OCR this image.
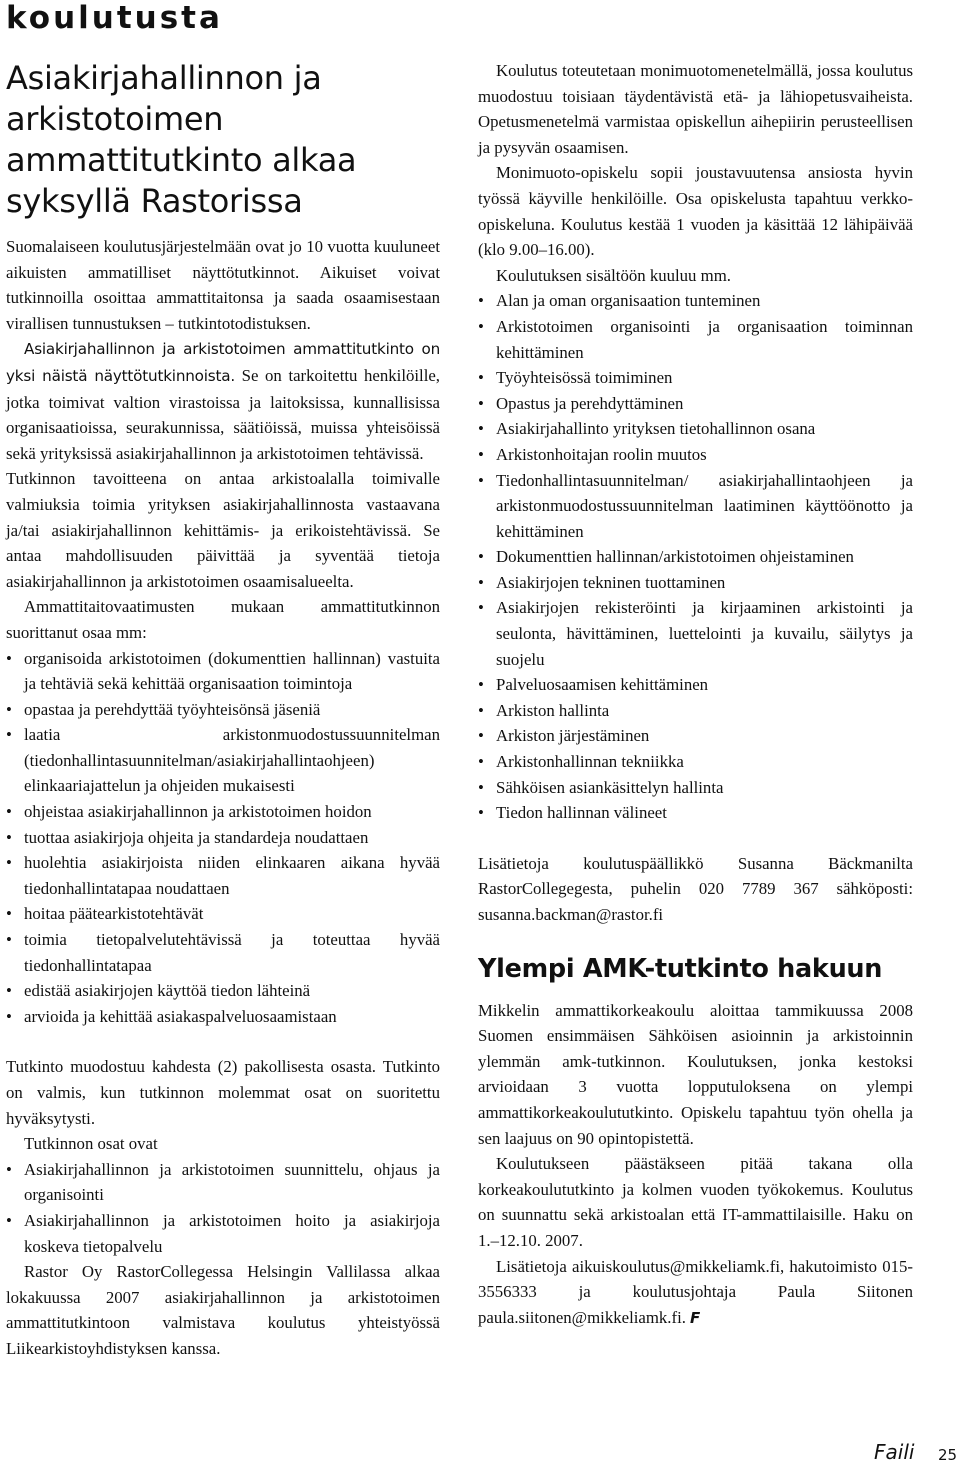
koulutusta
Asiakirjahallinnon ja arkistotoimen ammattitutkinto alkaa syksyllä Rastorissa

Suomalaiseen koulutusjärjestelmään ovat jo 10 vuotta kuuluneet aikuisten ammatilliset näyttötutkinnot. Aikuiset voivat tutkinnoilla osoittaa ammattitaitonsa ja saada osaamisestaan virallisen tunnustuksen – tutkintotodistuksen.

Asiakirjahallinnon ja arkistotoimen ammattitutkinto on yksi näistä näyttötutkinnoista. Se on tarkoitettu henkilöille, jotka toimivat valtion virastoissa ja laitoksissa, kunnallisissa organisaatioissa, seurakunnissa, säätiöissä, muissa yhteisöissä sekä yrityksissä asiakirjahallinnon ja arkistotoimen tehtävissä.

Tutkinnon tavoitteena on antaa arkistoalalla toimivalle valmiuksia toimia yrityksen asiakirjahallinnosta vastaavana ja/tai asiakirjahallinnon kehittämis- ja erikoistehtävissä. Se antaa mahdollisuuden päivittää ja syventää tietoja asiakirjahallinnon ja arkistotoimen osaamisalueelta.

Ammattitaitovaatimusten mukaan ammattitutkinnon suorittanut osaa mm:

• organisoida arkistotoimen (dokumenttien hallinnan) vastuita ja tehtäviä sekä kehittää organisaation toimintoja
• opastaa ja perehdyttää työyhteisönsä jäseniä
• laatia arkistonmuodostussuunnitelman (tiedonhallintasuunnitelman/asiakirjahallintaohjeen) elinkaariajattelun ja ohjeiden mukaisesti
• ohjeistaa asiakirjahallinnon ja arkistotoimen hoidon
• tuottaa asiakirjoja ohjeita ja standardeja noudattaen
• huolehtia asiakirjoista niiden elinkaaren aikana hyvää tiedonhallintatapaa noudattaen
• hoitaa päätearkistotehtävät
• toimia tietopalvelutehtävissä ja toteuttaa hyvää tiedonhallintatapaa
• edistää asiakirjojen käyttöä tiedon lähteinä
• arvioida ja kehittää asiakaspalveluosaamistaan

Tutkinto muodostuu kahdesta (2) pakollisesta osasta. Tutkinto on valmis, kun tutkinnon molemmat osat on suoritettu hyväksytysti.

Tutkinnon osat ovat

• Asiakirjahallinnon ja arkistotoimen suunnittelu, ohjaus ja organisointi
• Asiakirjahallinnon ja arkistotoimen hoito ja asiakirjoja koskeva tietopalvelu

Rastor Oy RastorCollegessa Helsingin Vallilassa alkaa lokakuussa 2007 asiakirjahallinnon ja arkistotoimen ammattitutkintoon valmistava koulutus yhteistyössä Liikearkistoyhdistyksen kanssa.

Koulutus toteutetaan monimuotomenetelmällä, jossa koulutus muodostuu toisiaan täydentävistä etä- ja lähiopetusvaiheista. Opetusmenetelmä varmistaa opiskellun aihepiirin perusteellisen ja pysyvän osaamisen.

Monimuoto-opiskelu sopii joustavuutensa ansiosta hyvin työssä käyville henkilöille. Osa opiskelusta tapahtuu verkko-opiskeluna. Koulutus kestää 1 vuoden ja käsittää 12 lähipäivää (klo 9.00–16.00).

Koulutuksen sisältöön kuuluu mm.

• Alan ja oman organisaation tunteminen
• Arkistotoimen organisointi ja organisaation toiminnan kehittäminen
• Työyhteisössä toimiminen
• Opastus ja perehdyttäminen
• Asiakirjahallinto yrityksen tietohallinnon osana
• Arkistonhoitajan roolin muutos
• Tiedonhallintasuunnitelman/ asiakirjahallintaohjeen ja arkistonmuodostussuunnitelman laatiminen käyttöönotto ja kehittäminen
• Dokumenttien hallinnan/arkistotoimen ohjeistaminen
• Asiakirjojen tekninen tuottaminen
• Asiakirjojen rekisteröinti ja kirjaaminen arkistointi ja seulonta, hävittäminen, luettelointi ja kuvailu, säilytys ja suojelu
• Palveluosaamisen kehittäminen
• Arkiston hallinta
• Arkiston järjestäminen
• Arkistonhallinnan tekniikka
• Sähköisen asiankäsittelyn hallinta
• Tiedon hallinnan välineet

Lisätietoja koulutuspäällikkö Susanna Bäckmanilta RastorCollegegesta, puhelin 020 7789 367 sähköposti: susanna.backman@rastor.fi

Ylempi AMK-tutkinto hakuun

Mikkelin ammattikorkeakoulu aloittaa tammikuussa 2008 Suomen ensimmäisen Sähköisen asioinnin ja arkistoinnin ylemmän amk-tutkinnon. Koulutuksen, jonka kestoksi arvioidaan 3 vuotta lopputuloksena on ylempi ammattikorkeakoulututkinto. Opiskelu tapahtuu työn ohella ja sen laajuus on 90 opintopistettä.

Koulutukseen päästäkseen pitää takana olla korkeakoulututkinto ja kolmen vuoden työkokemus. Koulutus on suunnattu sekä arkistoalan että IT-ammattilaisille. Haku on 1.–12.10. 2007.

Lisätietoja aikuiskoulutus@mikkeliamk.fi, hakutoimisto 015-3556333 ja koulutusjohtaja Paula Siitonen paula.siitonen@mikkeliamk.fi. F

Faili 25
